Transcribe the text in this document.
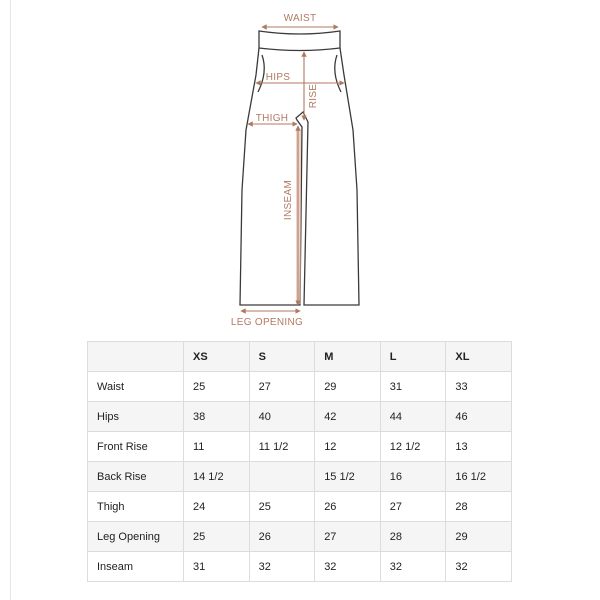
WAIST
HIPS
RISE
THIGH
INSEAM
LEG OPENING
	XS	S	M	L	XL
Waist	25	27	29	31	33
Hips	38	40	42	44	46
Front Rise	11	11 1/2	12	12 1/2	13
Back Rise	14 1/2		15 1/2	16	16 1/2
Thigh	24	25	26	27	28
Leg Opening	25	26	27	28	29
Inseam	31	32	32	32	32
